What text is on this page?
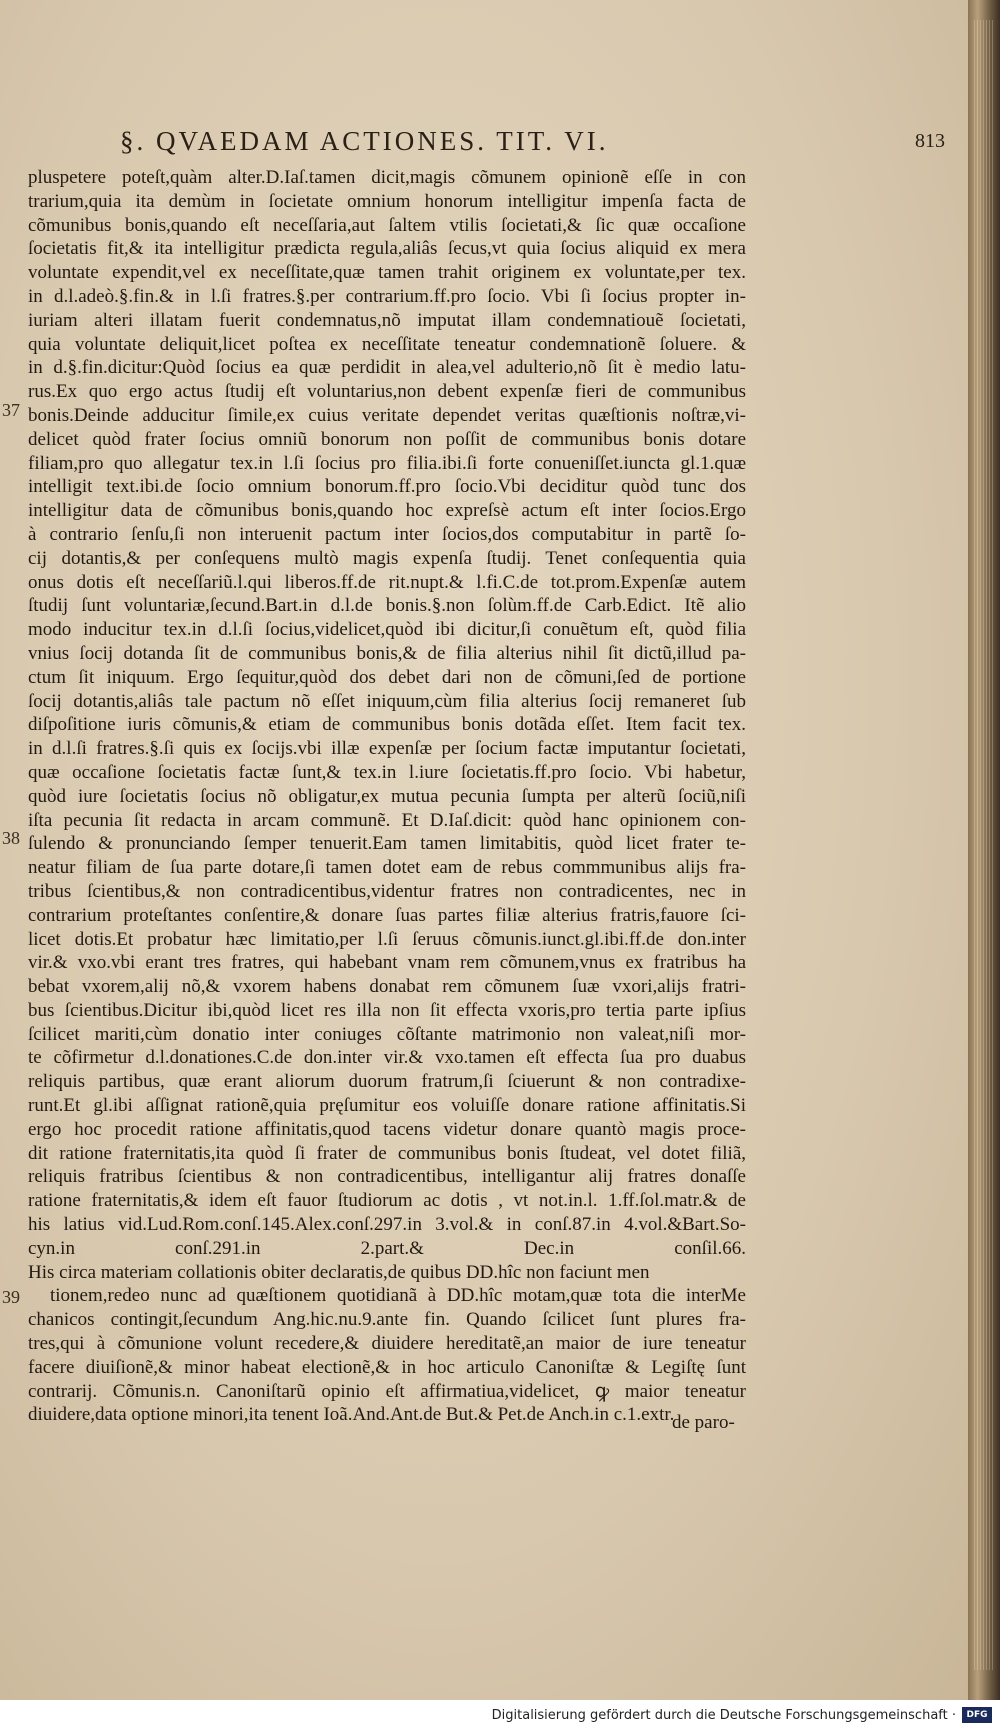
§. QVAEDAM ACTIONES. TIT. VI.	813
37
38
39
pluspetere poteſt,quàm alter.D.Iaſ.tamen dicit,magis cõmunem opinionẽ eſſe in con
trarium,quia ita demùm in ſocietate omnium honorum intelligitur impenſa facta de
cõmunibus bonis,quando eſt neceſſaria,aut ſaltem vtilis ſocietati,& ſic quæ occaſione
ſocietatis fit,& ita intelligitur prædicta regula,aliâs ſecus,vt quia ſocius aliquid ex mera
voluntate expendit,vel ex neceſſitate,quæ tamen trahit originem ex voluntate,per tex.
in d.l.adeò.§.fin.& in l.ſi fratres.§.per contrarium.ff.pro ſocio. Vbi ſi ſocius propter in-
iuriam alteri illatam fuerit condemnatus,nõ imputat illam condemnatiouẽ ſocietati,
quia voluntate deliquit,licet poſtea ex neceſſitate teneatur condemnationẽ ſoluere. &
in d.§.fin.dicitur:Quòd ſocius ea quæ perdidit in alea,vel adulterio,nõ ſit è medio latu-
rus.Ex quo ergo actus ſtudij eſt voluntarius,non debent expenſæ fieri de communibus
bonis.Deinde adducitur ſimile,ex cuius veritate dependet veritas quæſtionis noſtræ,vi-
delicet quòd frater ſocius omniũ bonorum non poſſit de communibus bonis dotare
filiam,pro quo allegatur tex.in l.ſi ſocius pro filia.ibi.ſi forte conueniſſet.iuncta gl.1.quæ
intelligit text.ibi.de ſocio omnium bonorum.ff.pro ſocio.Vbi deciditur quòd tunc dos
intelligitur data de cõmunibus bonis,quando hoc expreſsè actum eſt inter ſocios.Ergo
à contrario ſenſu,ſi non interuenit pactum inter ſocios,dos computabitur in partẽ ſo-
cij dotantis,& per conſequens multò magis expenſa ſtudij. Tenet conſequentia quia
onus dotis eſt neceſſariũ.l.qui liberos.ff.de rit.nupt.& l.fi.C.de tot.prom.Expenſæ autem
ſtudij ſunt voluntariæ,ſecund.Bart.in d.l.de bonis.§.non ſolùm.ff.de Carb.Edict. Itẽ alio
modo inducitur tex.in d.l.ſi ſocius,videlicet,quòd ibi dicitur,ſi conuẽtum eſt, quòd filia
vnius ſocij dotanda ſit de communibus bonis,& de filia alterius nihil ſit dictũ,illud pa-
ctum ſit iniquum. Ergo ſequitur,quòd dos debet dari non de cõmuni,ſed de portione
ſocij dotantis,aliâs tale pactum nõ eſſet iniquum,cùm filia alterius ſocij remaneret ſub
diſpoſitione iuris cõmunis,& etiam de communibus bonis dotãda eſſet. Item facit tex.
in d.l.ſi fratres.§.ſi quis ex ſocijs.vbi illæ expenſæ per ſocium factæ imputantur ſocietati,
quæ occaſione ſocietatis factæ ſunt,& tex.in l.iure ſocietatis.ff.pro ſocio. Vbi habetur,
quòd iure ſocietatis ſocius nõ obligatur,ex mutua pecunia ſumpta per alterũ ſociũ,niſi
iſta pecunia ſit redacta in arcam communẽ. Et D.Iaſ.dicit: quòd hanc opinionem con-
ſulendo & pronunciando ſemper tenuerit.Eam tamen limitabitis, quòd licet frater te-
neatur filiam de ſua parte dotare,ſi tamen dotet eam de rebus commmunibus alijs fra-
tribus ſcientibus,& non contradicentibus,videntur fratres non contradicentes, nec in
contrarium proteſtantes conſentire,& donare ſuas partes filiæ alterius fratris,fauore ſci-
licet dotis.Et probatur hæc limitatio,per l.ſi ſeruus cõmunis.iunct.gl.ibi.ff.de don.inter
vir.& vxo.vbi erant tres fratres, qui habebant vnam rem cõmunem,vnus ex fratribus ha
bebat vxorem,alij nõ,& vxorem habens donabat rem cõmunem ſuæ vxori,alijs fratri-
bus ſcientibus.Dicitur ibi,quòd licet res illa non ſit effecta vxoris,pro tertia parte ipſius
ſcilicet mariti,cùm donatio inter coniuges cõſtante matrimonio non valeat,niſi mor-
te cõfirmetur d.l.donationes.C.de don.inter vir.& vxo.tamen eſt effecta ſua pro duabus
reliquis partibus, quæ erant aliorum duorum fratrum,ſi ſciuerunt & non contradixe-
runt.Et gl.ibi aſſignat rationẽ,quia pręſumitur eos voluiſſe donare ratione affinitatis.Si
ergo hoc procedit ratione affinitatis,quod tacens videtur donare quantò magis proce-
dit ratione fraternitatis,ita quòd ſi frater de communibus bonis ſtudeat, vel dotet filiã,
reliquis fratribus ſcientibus & non contradicentibus, intelligantur alij fratres donaſſe
ratione fraternitatis,& idem eſt fauor ſtudiorum ac dotis , vt not.in.l. 1.ff.ſol.matr.& de
his latius vid.Lud.Rom.conſ.145.Alex.conſ.297.in 3.vol.& in conſ.87.in 4.vol.&Bart.So-
cyn.in conſ.291.in 2.part.& Dec.in conſil.66.
His circa materiam collationis obiter declaratis,de quibus DD.hîc non faciunt men
tionem,redeo nunc ad quæſtionem quotidianã à DD.hîc motam,quæ tota die interMe
chanicos contingit,ſecundum Ang.hic.nu.9.ante fin. Quando ſcilicet ſunt plures fra-
tres,qui à cõmunione volunt recedere,& diuidere hereditatẽ,an maior de iure teneatur
facere diuiſionẽ,& minor habeat electionẽ,& in hoc articulo Canoniſtæ & Legiſtę ſunt
contrarij. Cõmunis.n. Canoniſtarũ opinio eſt affirmatiua,videlicet, ꝙ maior teneatur
diuidere,data optione minori,ita tenent Ioã.And.Ant.de But.& Pet.de Anch.in c.1.extr.
de paro-
Digitalisierung gefördert durch die Deutsche Forschungsgemeinschaft ·	DFG
